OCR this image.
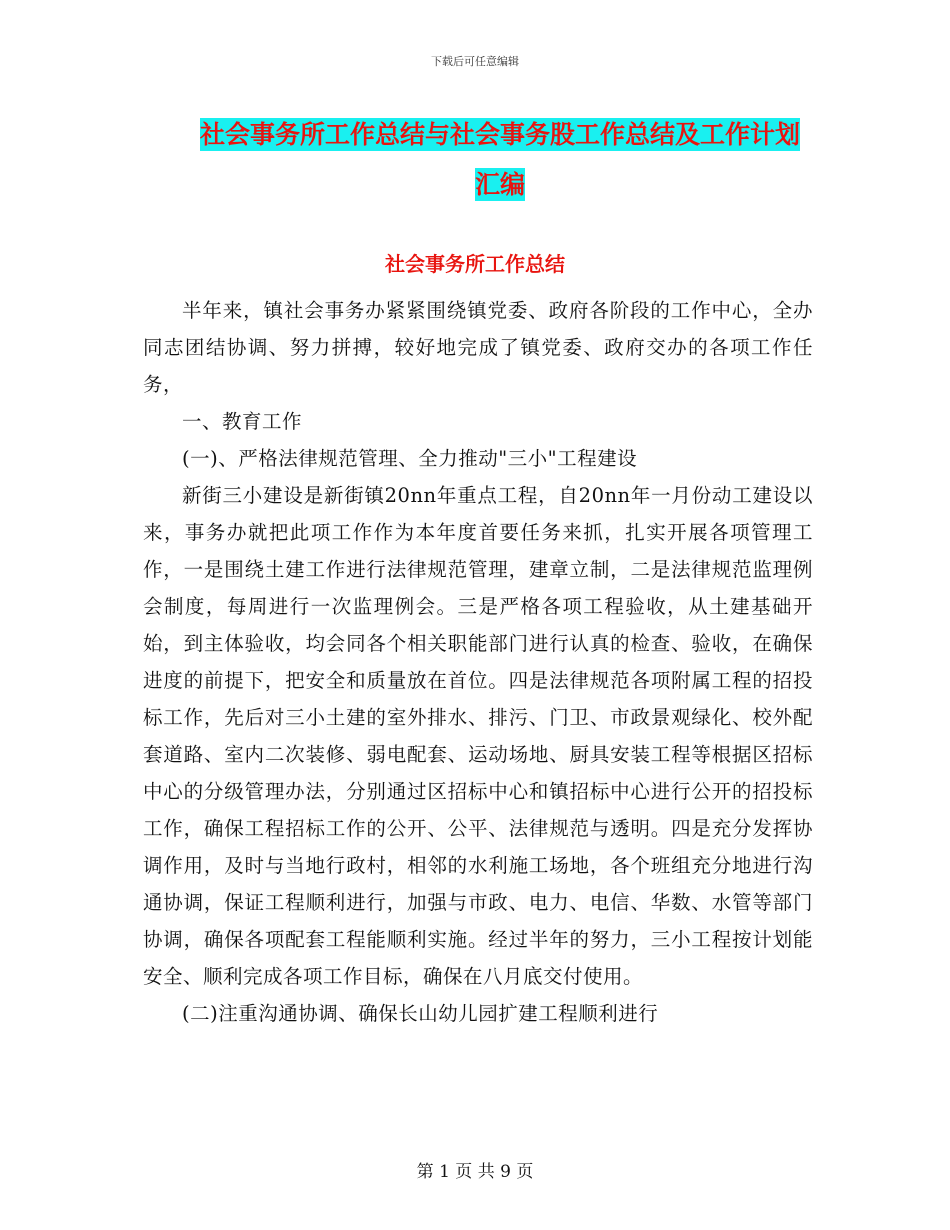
下载后可任意编辑
社会事务所工作总结与社会事务股工作总结及工作计划汇编
社会事务所工作总结

半年来，镇社会事务办紧紧围绕镇党委、政府各阶段的工作中心，全办同志团结协调、努力拼搏，较好地完成了镇党委、政府交办的各项工作任务，

一、教育工作

(一)、严格法律规范管理、全力推动"三小"工程建设

新街三小建设是新街镇20nn年重点工程，自20nn年一月份动工建设以来，事务办就把此项工作作为本年度首要任务来抓，扎实开展各项管理工作，一是围绕土建工作进行法律规范管理，建章立制，二是法律规范监理例会制度，每周进行一次监理例会。三是严格各项工程验收，从土建基础开始，到主体验收，均会同各个相关职能部门进行认真的检查、验收，在确保进度的前提下，把安全和质量放在首位。四是法律规范各项附属工程的招投标工作，先后对三小土建的室外排水、排污、门卫、市政景观绿化、校外配套道路、室内二次装修、弱电配套、运动场地、厨具安装工程等根据区招标中心的分级管理办法，分别通过区招标中心和镇招标中心进行公开的招投标工作，确保工程招标工作的公开、公平、法律规范与透明。四是充分发挥协调作用，及时与当地行政村，相邻的水利施工场地，各个班组充分地进行沟通协调，保证工程顺利进行，加强与市政、电力、电信、华数、水管等部门协调，确保各项配套工程能顺利实施。经过半年的努力，三小工程按计划能安全、顺利完成各项工作目标，确保在八月底交付使用。

(二)注重沟通协调、确保长山幼儿园扩建工程顺利进行

第 1 页 共 9 页
